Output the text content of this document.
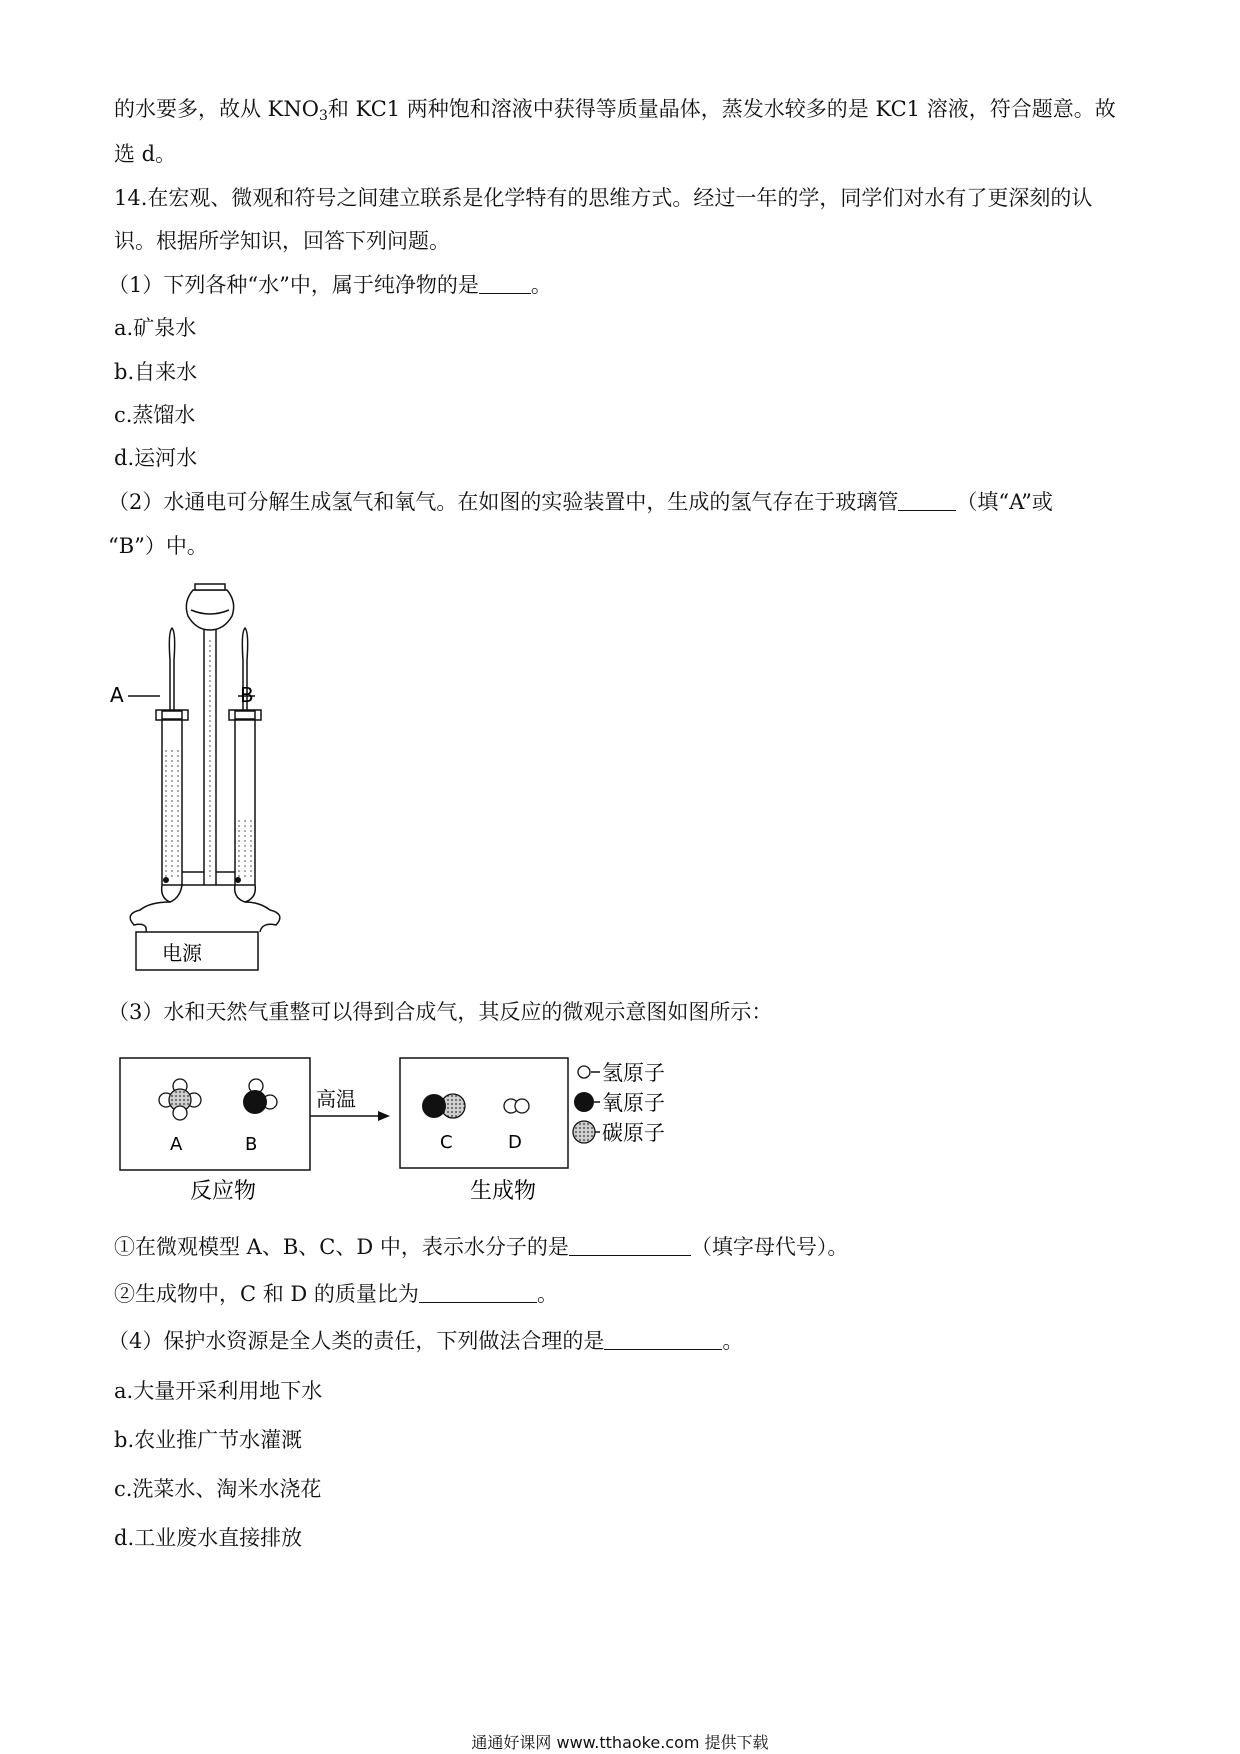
的水要多，故从 $KNO_3$和 KC1 两种饱和溶液中获得等质量晶体，蒸发水较多的是 KC1 溶液，符合题意。故
选 d。
14.在宏观、微观和符号之间建立联系是化学特有的思维方式。经过一年的学，同学们对水有了更深刻的认
识。根据所学知识，回答下列问题。
（1）下列各种“水”中，属于纯净物的是 。
a.矿泉水
b.自来水
c.蒸馏水
d.运河水
（2）水通电可分解生成氢气和氧气。在如图的实验装置中，生成的氢气存在于玻璃管	（填“A”或
“B”）中。
A	B
电源
（3）水和天然气重整可以得到合成气，其反应的微观示意图如图所示：
A	B
高温
C	D
反应物	生成物
氢原子
氧原子
碳原子
①在微观模型 A、B、C、D 中，表示水分子的是	（填字母代号）。
②生成物中，C 和 D 的质量比为	。
（4）保护水资源是全人类的责任，下列做法合理的是	。
a.大量开采利用地下水
b.农业推广节水灌溉
c.洗菜水、淘米水浇花
d.工业废水直接排放
通通好课网 www.tthaoke.com 提供下载
